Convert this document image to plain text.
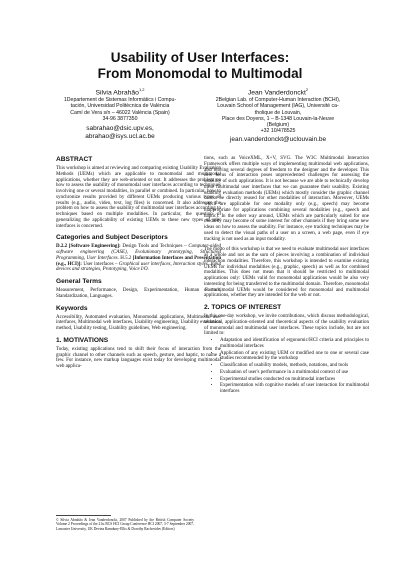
Usability of User Interfaces:
From Monomodal to Multimodal
Silvia Abrahão$^{1,2}$
1Departement de Sistemas Informàtics i Compu-
tación, Universidad Politècnica de València
Camí de Vera s/n – 46022 València (Spain)
34-96 3877350
sabrahao@dsic.upv.es,
abrahao@isys.ucl.ac.be
Jean Vanderdonckt$^2$
2Belgian Lab. of Computer-Human Interaction (BCHI),
Louvain School of Management (IAG), Université ca-
tholique de Louvain,
Place des Doyens, 1 – B-1348 Louvain-la-Neuve
(Belgium)
+32 10/478525
jean.vanderdonckt@uclouvain.be
ABSTRACT

This workshop is aimed at reviewing and comparing existing Usability Evaluation Methods (UEMs) which are applicable to monomodal and multimodal applications, whether they are web-oriented or not. It addresses the problem on how to assess the usability of monomodal user interfaces according to techniques involving one or several modalities, in parallel or combined. In particular, how to synchronize results provided by different UEMs producing various types of results (e.g., audio, video, text, log files) is concerned. It also addresses the problem on how to assess the usability of multimodal user interfaces according to techniques based on multiple modalities. In particular, the question of generalizing the applicability of existing UEMs to these new types of user interfaces is concerned.

Categories and Subject Descriptors

D.2.2 [Software Engineering]: Design Tools and Techniques – Computer-aided software engineering (CASE), Evolutionary prototyping, Structured Programming, User Interfaces. H.5.2 [Information Interfaces and Presentation (e.g., HCI)]: User interfaces – Graphical user interfaces, Interaction styles, Input devices and strategies, Prototyping, Voice I/O.

General Terms

Measurement, Performance, Design, Experimentation, Human Factors, Standardization, Languages.

Keywords

Accessibility, Automated evaluation, Monomodal applications, Multimodal user interfaces, Multimodal web interfaces, Usability engineering, Usability evaluation method, Usability testing, Usability guidelines, Web engineering.

1. MOTIVATIONS

Today, existing applications tend to shift their focus of interaction from the graphic channel to other channels such as speech, gesture, and haptic, to name a few. For instance, new markup languages exist today for developing multimodal web applica-

© Silvia Abrahão & Jean Vanderdonckt, 2007 Published by the British Computer Society Volume 2 Proceedings of the 21st BCS HCI Group Conference HCI 2007, 3-7 September 2007, Lancaster University, UK Devina Ramduny-Ellis & Dorothy Rachovides (Editors)

tions, such as VoiceXML, X+V, SVG. The W3C Multimodal Interaction Framework offers multiple ways of implementing multimodal web applications, also leaving several degrees of freedom to the designer and the developer. This new locus of interaction poses unprecedented challenges for assessing the usability of such applications. It is not because we are able to technically develop these multimodal user interfaces that we can guarantee their usability. Existing usability evaluation methods (UEMs) which mostly consider the graphic channel cannot be directly reused for other modalities of interaction. Moreover, UEMs which are applicable for one modality only (e.g., speech) may become inappropriate for applications combining several modalities (e.g., speech and haptic). In the other way around, UEMs which are particularly suited for one modality may become of some interest for other channels if they bring some new ideas on how to assess the usability. For instance, eye tracking techniques may be used to detect the visual paths of a user on a screen, a web page, even if eye tracking is not used as an input modality.

The motto of this workshop is that we need to evaluate multimodal user interfaces as a whole and not as the sum of pieces involving a combination of individual interaction modalities. Therefore, this workshop is intended to examine existing UEMs for individual modalities (e.g., graphic, speech) as well as for combined modalities. This does not mean that it should be restricted to multimodal applications only: UEMs valid for monomodal applications would be also very interesting for being transferred to the multimodal domain. Therefore, monomodal or multimodal UEMs would be considered for monomodal and multimodal applications, whether they are intended for the web or not.

2. TOPICS OF INTEREST

In this one-day workshop, we invite contributions, which discuss methodological, technical, application-oriented and theoretical aspects of the usability evaluation of monomodal and multimodal user interfaces. These topics include, but are not limited to:

• Adaptation and identification of ergonomic/HCI criteria and principles to multimodal interfaces
• Application of any existing UEM or modified one to one or several case studies recommended by the workshop
• Classification of usability models, methods, notations, and tools
• Evaluation of user's performance in a multimodal context of use
• Experimental studies conducted on multimodal interfaces
• Experimentation with cognitive models of user interaction for multimodal interfaces
